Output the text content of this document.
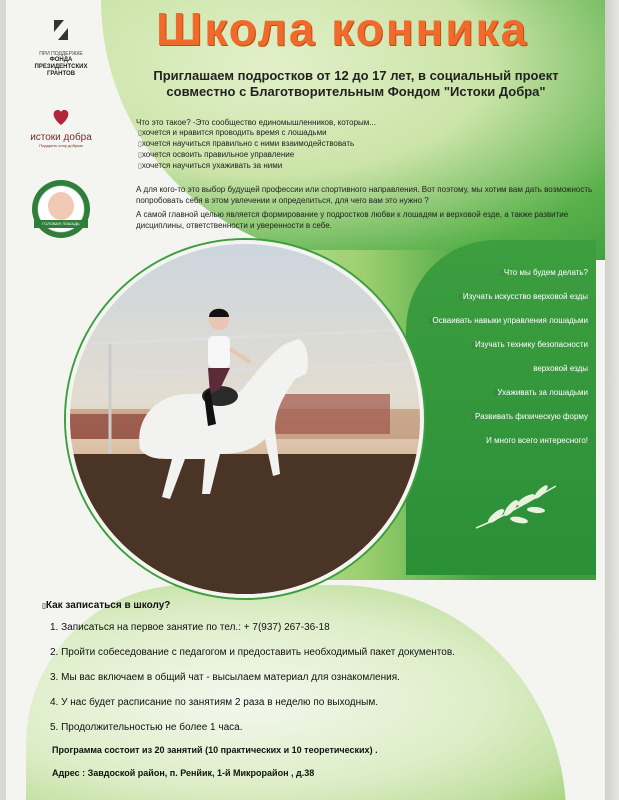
Школа конника
ПРИ ПОДДЕРЖКЕ
ФОНДА
ПРЕЗИДЕНТСКИХ
ГРАНТОВ
истоки добра
Подарить силу добрым
ГОЛОВАЯ ЛОШАДЬ
Приглашаем подростков от 12 до 17 лет, в социальный проект
совместно с Благотворительным Фондом "Истоки Добра"
Что это такое? -Это сообщество единомышленников, которым...
▯хочется и нравится проводить время с лошадьми
▯хочется научиться правильно с ними взаимодействовать
▯хочется освоить правильное управление
▯хочется научиться ухаживать за ними
А для кого-то это выбор будущей профессии или спортивного направления. Вот поэтому, мы хотим вам дать возможность попробовать себя в этом увлечении и определиться, для чего вам это нужно ?
А самой главной целью является формирование у подростков любви к лошадям и верховой езде, а также развитие дисциплины, ответственности и уверенности в себе.
▯Что мы будем делать?
▯Изучать искусство верховой езды
▯Осваивать навыки управления лошадьми
▯Изучать технику безопасности
верховой езды
▯Ухаживать за лошадьми
▯Развивать физическую форму
И много всего интересного!
▯Как записаться в школу?
1. Записаться на первое занятие по тел.: + 7(937) 267-36-18
2. Пройти собеседование с педагогом и предоставить необходимый пакет документов.
3. Мы вас включаем в общий чат - высылаем материал для ознакомления.
4. У нас будет расписание по занятиям 2 раза в неделю по выходным.
5. Продолжительностью не более 1 часа.
Программа состоит из 20 занятий (10 практических и 10 теоретических) .
Адрес : Завдоской район, п. Ренйик, 1-й Микрорайон , д.38
